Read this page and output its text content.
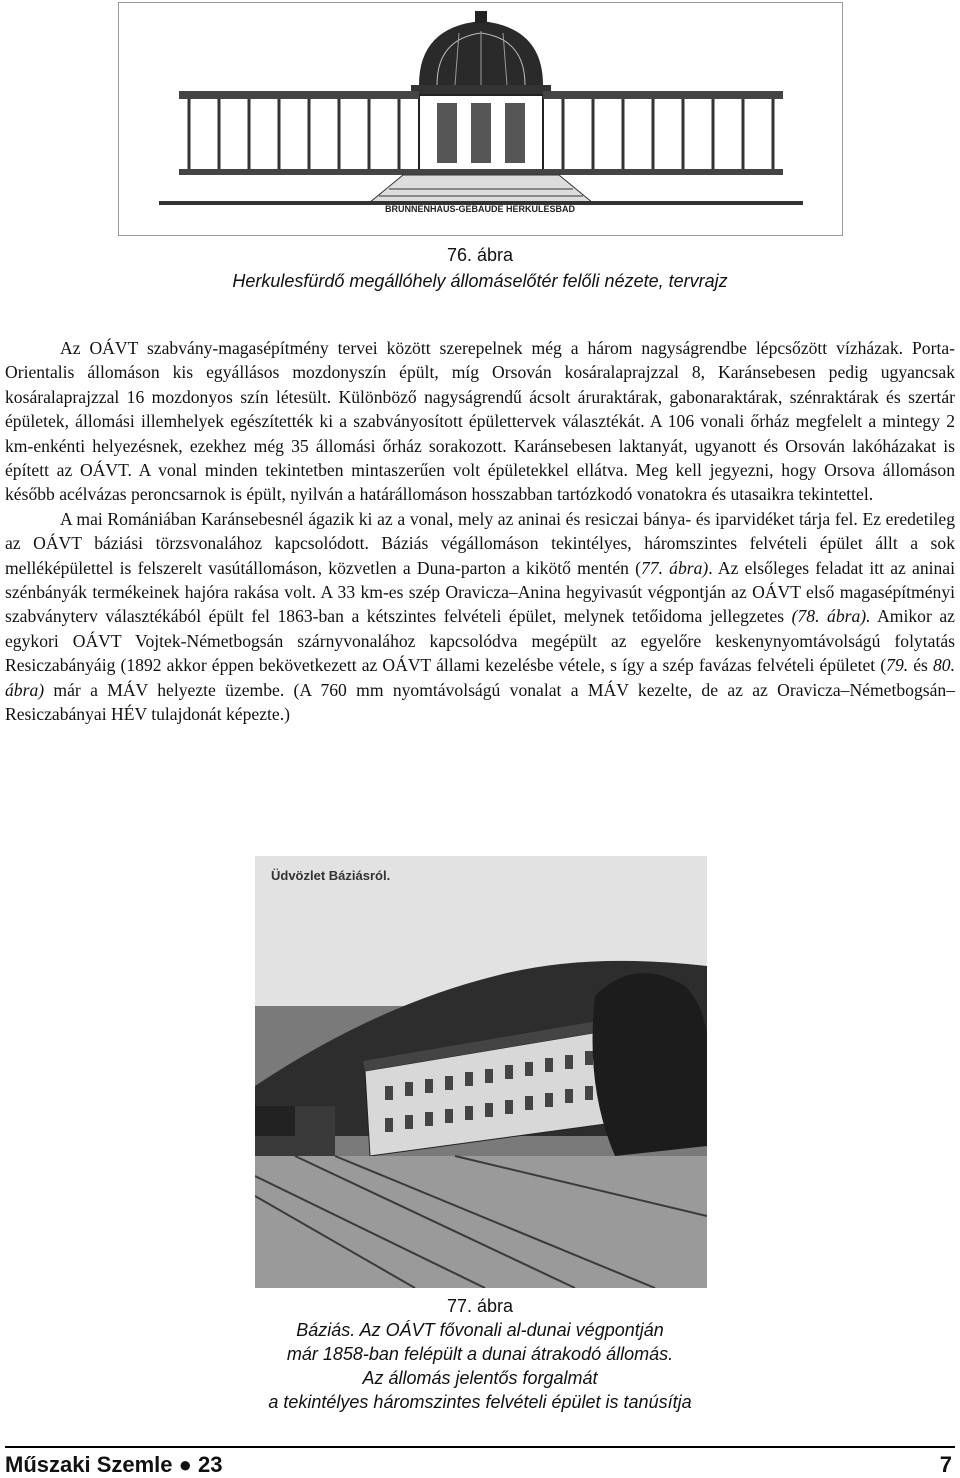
BRUNNENHAUS-GEBÄUDE HERKULESBAD
76. ábra
Herkulesfürdő megállóhely állomáselőtér felőli nézete, tervrajz

Az OÁVT szabvány-magasépítmény tervei között szerepelnek még a három nagyságrendbe lépcsőzött vízházak. Porta-Orientalis állomáson kis egyállásos mozdonyszín épült, míg Orsován kosáralaprajzzal 8, Karánsebesen pedig ugyancsak kosáralaprajzzal 16 mozdonyos szín létesült. Különböző nagyságrendű ácsolt áruraktárak, gabonaraktárak, szénraktárak és szertár épületek, állomási illemhelyek egészítették ki a szabványosított épülettervek választékát. A 106 vonali őrház megfelelt a mintegy 2 km-enkénti helyezésnek, ezekhez még 35 állomási őrház sorakozott. Karánsebesen laktanyát, ugyanott és Orsován lakóházakat is épített az OÁVT. A vonal minden tekintetben mintaszerűen volt épületekkel ellátva. Meg kell jegyezni, hogy Orsova állomáson később acélvázas peroncsarnok is épült, nyilván a határállomáson hosszabban tartózkodó vonatokra és utasaikra tekintettel.

A mai Romániában Karánsebesnél ágazik ki az a vonal, mely az aninai és resiczai bánya- és iparvidéket tárja fel. Ez eredetileg az OÁVT báziási törzsvonalához kapcsolódott. Báziás végállomáson tekintélyes, háromszintes felvételi épület állt a sok melléképülettel is felszerelt vasútállomáson, közvetlen a Duna-parton a kikötő mentén (77. ábra). Az elsőleges feladat itt az aninai szénbányák termékeinek hajóra rakása volt. A 33 km-es szép Oravicza–Anina hegyivasút végpontján az OÁVT első magasépítményi szabványterv választékából épült fel 1863-ban a kétszintes felvételi épület, melynek tetőidoma jellegzetes (78. ábra). Amikor az egykori OÁVT Vojtek-Németbogsán szárnyvonalához kapcsolódva megépült az egyelőre keskenynyomtávolságú folytatás Resiczabányáig (1892 akkor éppen bekövetkezett az OÁVT állami kezelésbe vétele, s így a szép favázas felvételi épületet (79. és 80. ábra) már a MÁV helyezte üzembe. (A 760 mm nyomtávolságú vonalat a MÁV kezelte, de az az Oravicza–Németbogsán–Resiczabányai HÉV tulajdonát képezte.)

Üdvözlet Báziásról.
77. ábra
Báziás. Az OÁVT fővonali al-dunai végpontján
már 1858-ban felépült a dunai átrakodó állomás.
Az állomás jelentős forgalmát
a tekintélyes háromszintes felvételi épület is tanúsítja
Műszaki Szemle ● 23	7
